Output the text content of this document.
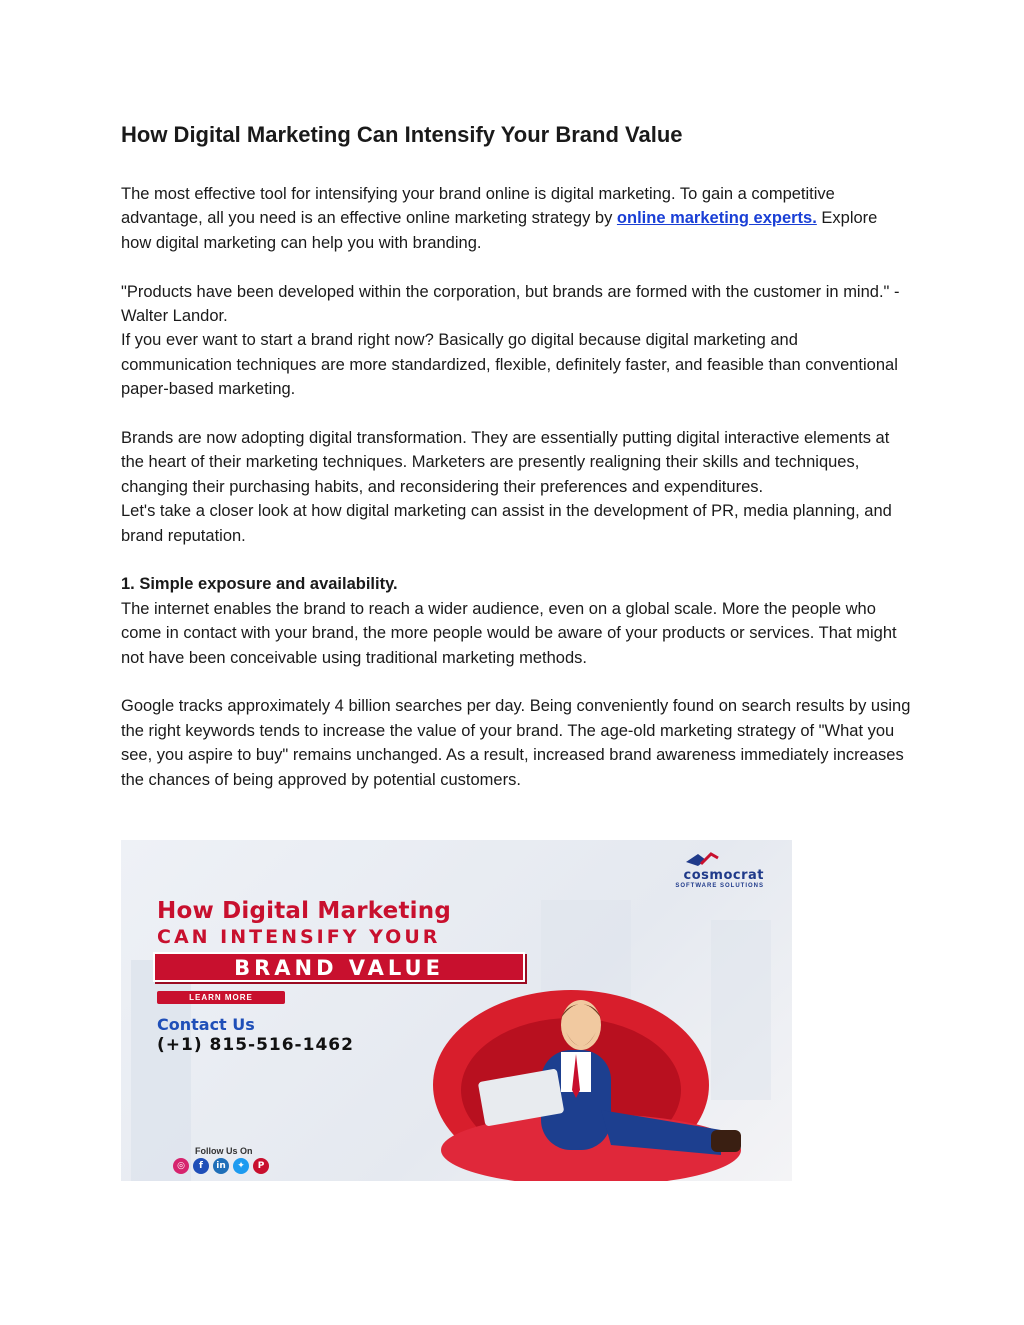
How Digital Marketing Can Intensify Your Brand Value

The most effective tool for intensifying your brand online is digital marketing. To gain a competitive advantage, all you need is an effective online marketing strategy by online marketing experts. Explore how digital marketing can help you with branding.

"Products have been developed within the corporation, but brands are formed with the customer in mind." - Walter Landor.

If you ever want to start a brand right now? Basically go digital because digital marketing and communication techniques are more standardized, flexible, definitely faster, and feasible than conventional paper-based marketing.

Brands are now adopting digital transformation. They are essentially putting digital interactive elements at the heart of their marketing techniques. Marketers are presently realigning their skills and techniques, changing their purchasing habits, and reconsidering their preferences and expenditures.

Let's take a closer look at how digital marketing can assist in the development of PR, media planning, and brand reputation.

1. Simple exposure and availability.

The internet enables the brand to reach a wider audience, even on a global scale. More the people who come in contact with your brand, the more people would be aware of your products or services. That might not have been conceivable using traditional marketing methods.

Google tracks approximately 4 billion searches per day. Being conveniently found on search results by using the right keywords tends to increase the value of your brand. The age-old marketing strategy of "What you see, you aspire to buy" remains unchanged. As a result, increased brand awareness immediately increases the chances of being approved by potential customers.

cosmocrat
SOFTWARE SOLUTIONS
How Digital Marketing
CAN INTENSIFY YOUR
BRAND VALUE
LEARN MORE
Contact Us
(+1) 815-516-1462
Follow Us On
◎	f	in	✦	P
